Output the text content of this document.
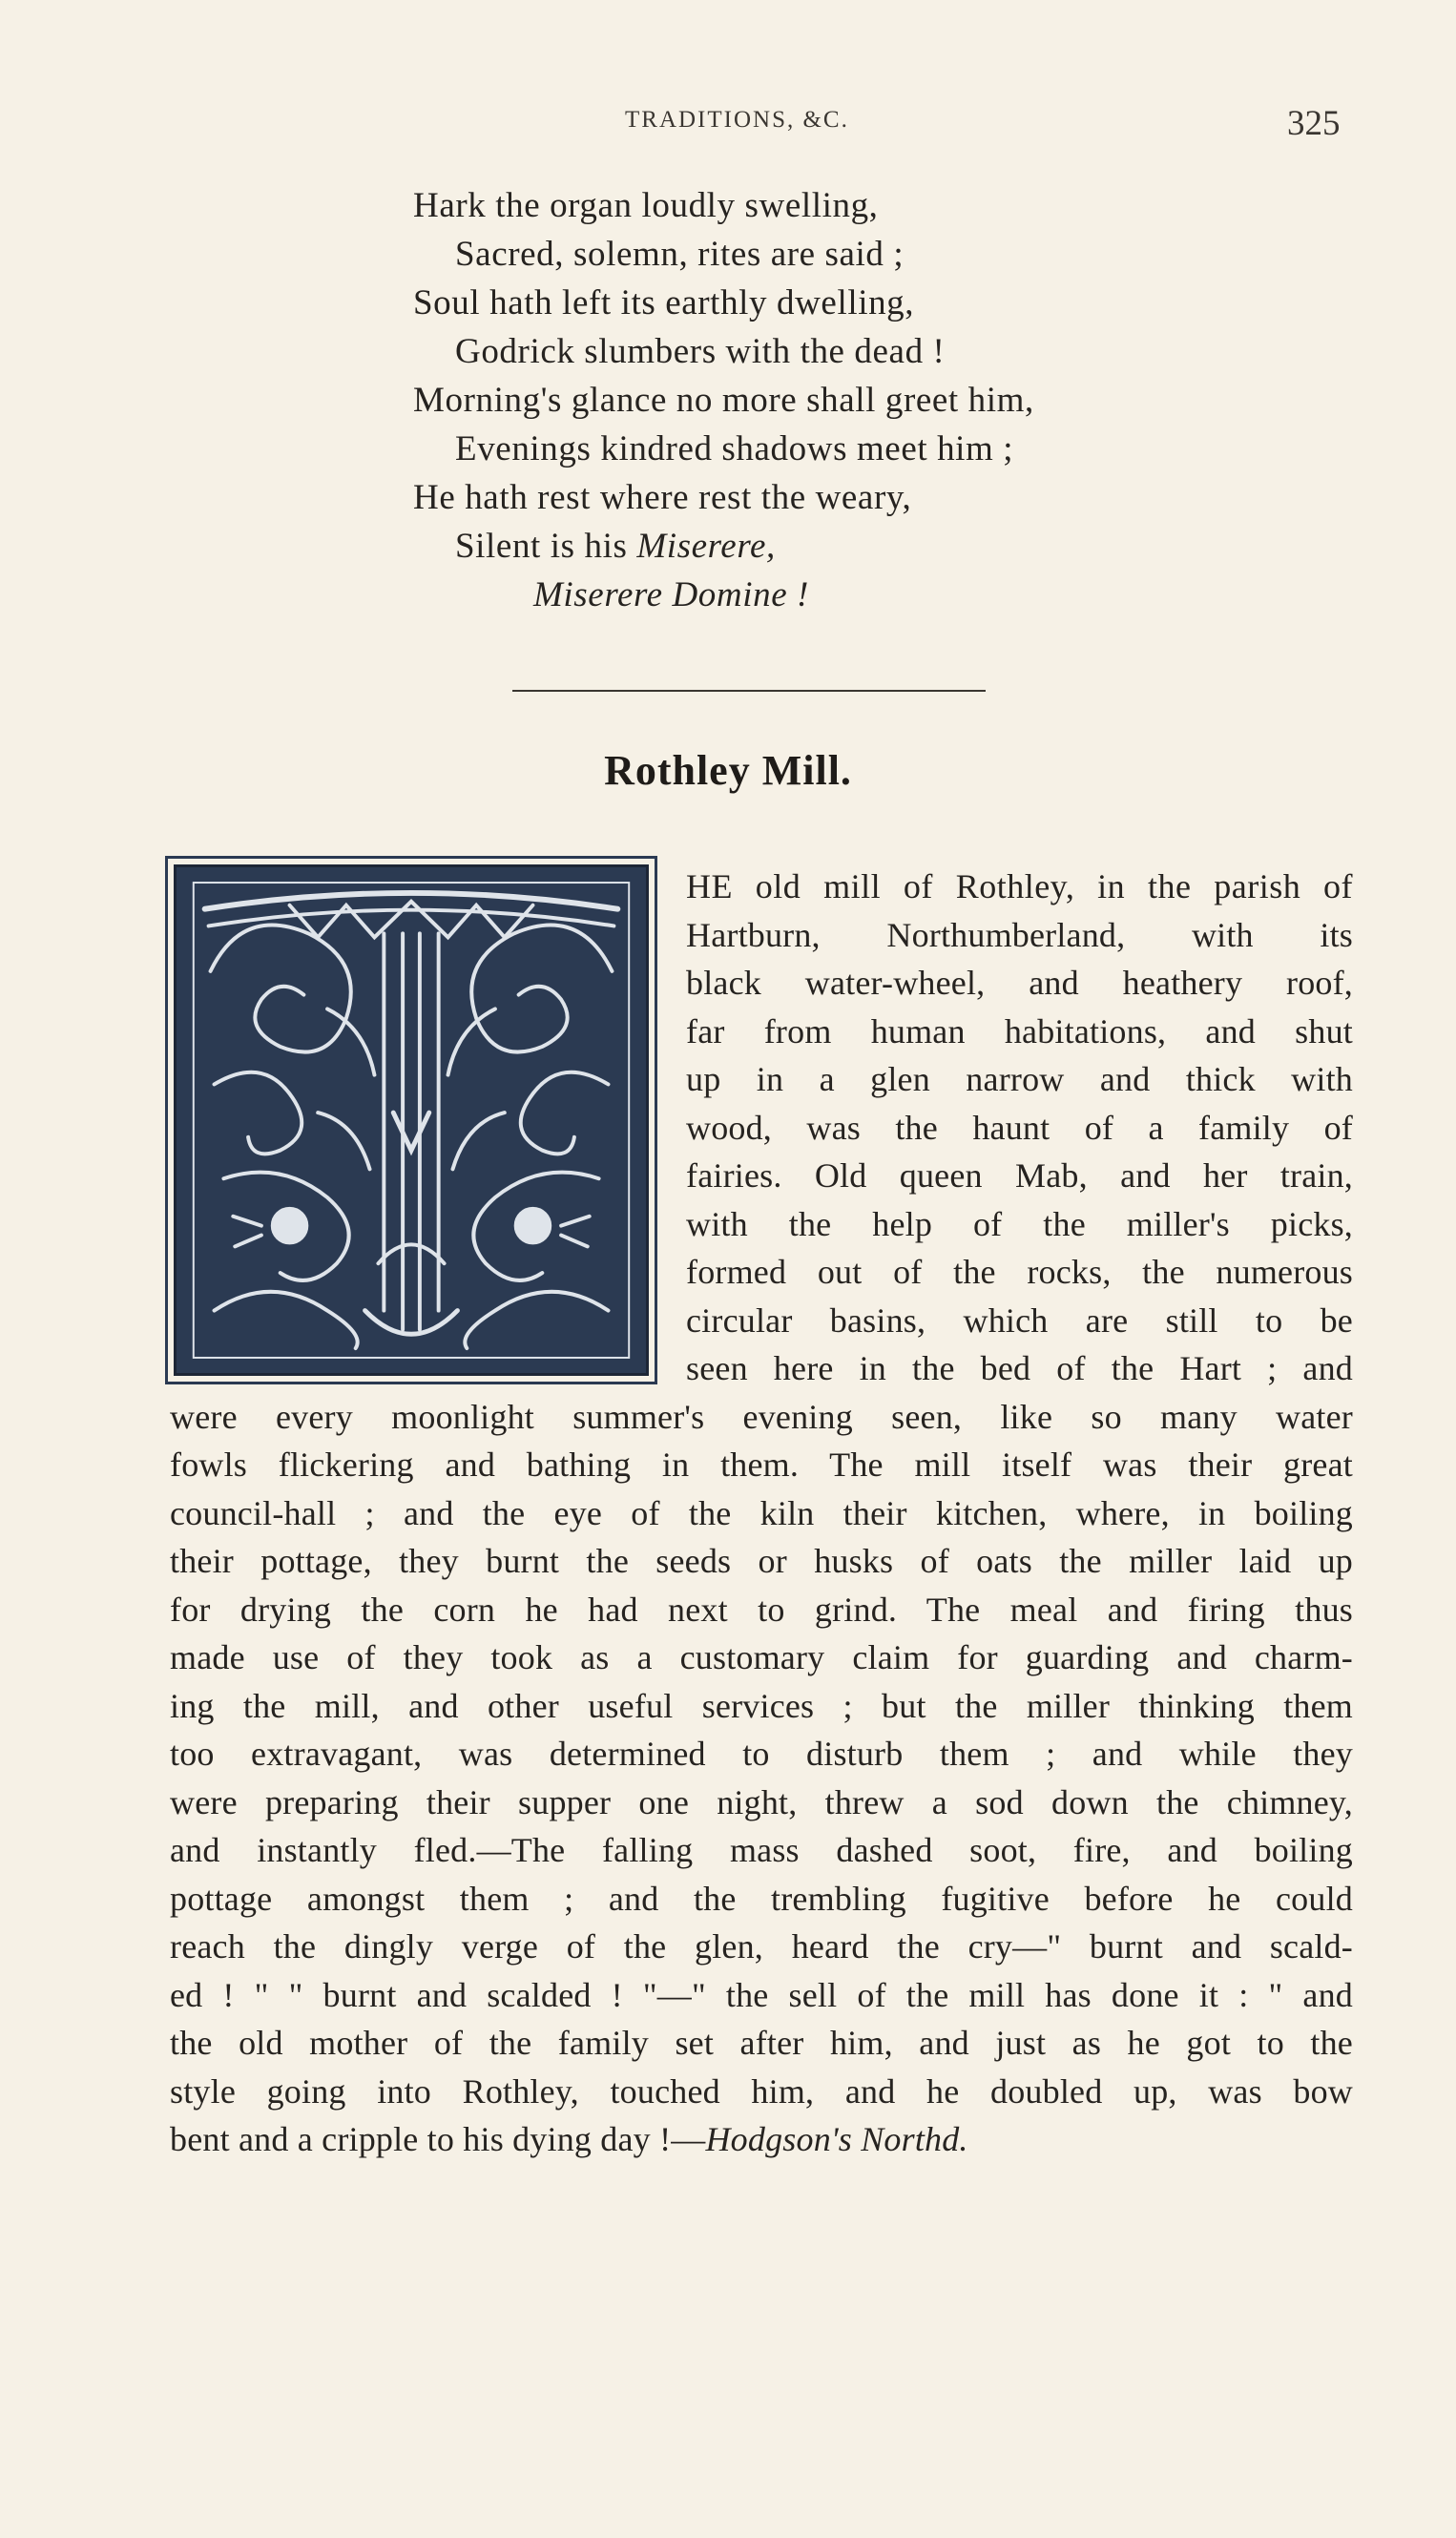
TRADITIONS, &C.	325
Hark the organ loudly swelling,
Sacred, solemn, rites are said ;
Soul hath left its earthly dwelling,
Godrick slumbers with the dead !
Morning's glance no more shall greet him,
Evenings kindred shadows meet him ;
He hath rest where rest the weary,
Silent is his Miserere,
Miserere Domine !
Rothley Mill.
HE old mill of Rothley, in the parish of
Hartburn, Northumberland, with its
black water-wheel, and heathery roof,
far from human habitations, and shut
up in a glen narrow and thick with
wood, was the haunt of a family of
fairies. Old queen Mab, and her train,
with the help of the miller's picks,
formed out of the rocks, the numerous
circular basins, which are still to be
seen here in the bed of the Hart ; and
were every moonlight summer's evening seen, like so many water
fowls flickering and bathing in them. The mill itself was their great
council-hall ; and the eye of the kiln their kitchen, where, in boiling
their pottage, they burnt the seeds or husks of oats the miller laid up
for drying the corn he had next to grind. The meal and firing thus
made use of they took as a customary claim for guarding and charm-
ing the mill, and other useful services ; but the miller thinking them
too extravagant, was determined to disturb them ; and while they
were preparing their supper one night, threw a sod down the chimney,
and instantly fled.—The falling mass dashed soot, fire, and boiling
pottage amongst them ; and the trembling fugitive before he could
reach the dingly verge of the glen, heard the cry—" burnt and scald-
ed ! " " burnt and scalded ! "—" the sell of the mill has done it : " and
the old mother of the family set after him, and just as he got to the
style going into Rothley, touched him, and he doubled up, was bow
bent and a cripple to his dying day !—Hodgson's Northd.
